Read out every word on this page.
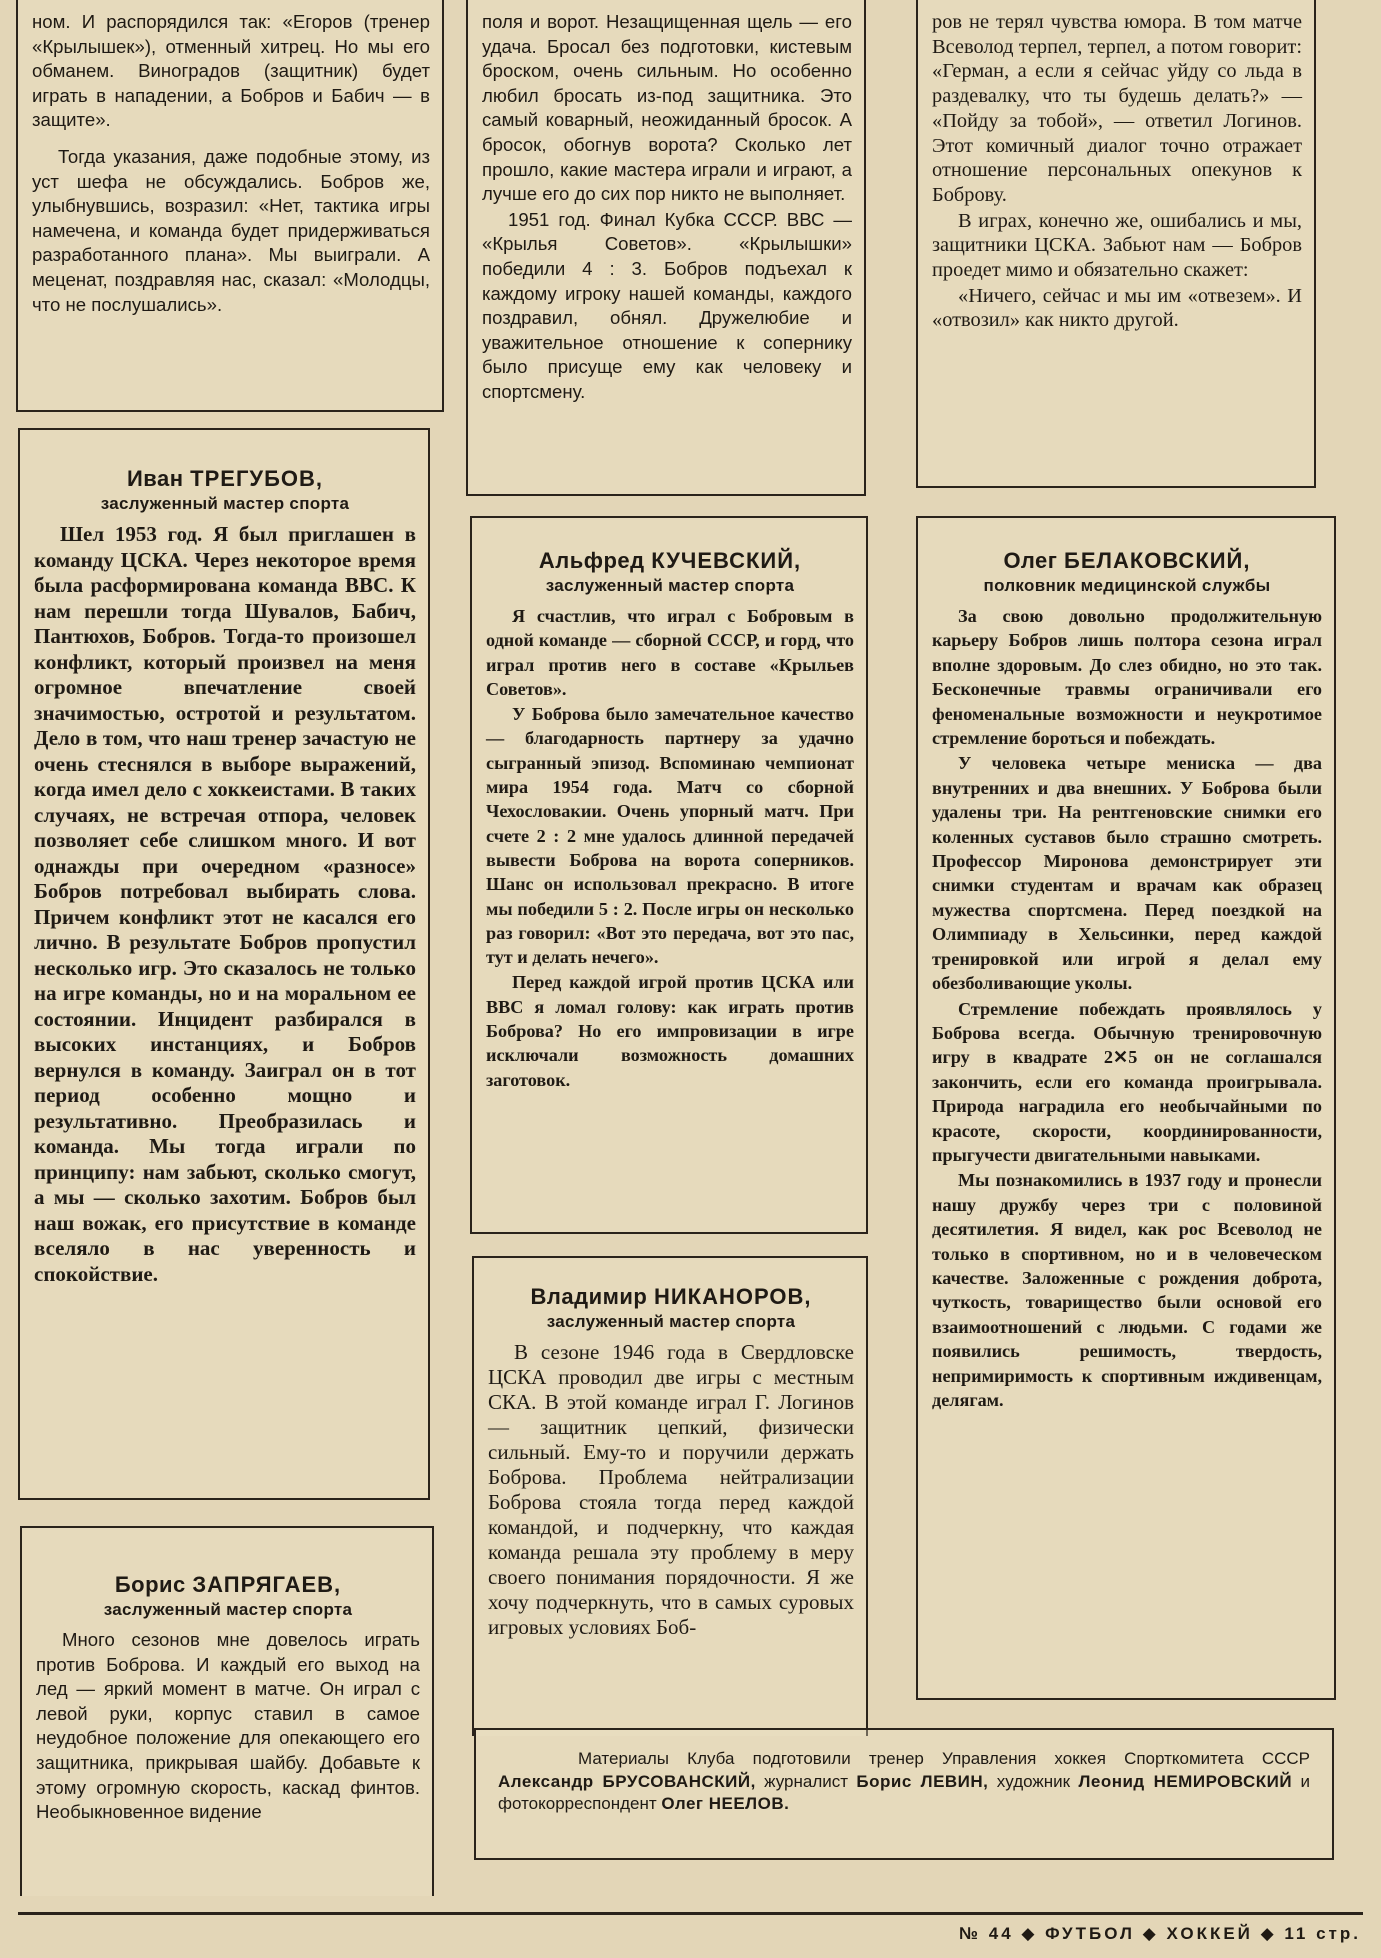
ном. И распорядился так: «Егоров (тренер «Крылышек»), отменный хитрец. Но мы его обманем. Виноградов (защитник) будет играть в нападении, а Бобров и Бабич — в защите».

Тогда указания, даже подобные этому, из уст шефа не обсуждались. Бобров же, улыбнувшись, возразил: «Нет, тактика игры намечена, и команда будет придерживаться разработанного плана». Мы выиграли. А меценат, поздравляя нас, сказал: «Молодцы, что не послушались».

Иван ТРЕГУБОВ,
заслуженный мастер спорта

Шел 1953 год. Я был приглашен в команду ЦСКА. Через некоторое время была расформирована команда ВВС. К нам перешли тогда Шувалов, Бабич, Пантюхов, Бобров. Тогда-то произошел конфликт, который произвел на меня огромное впечатление своей значимостью, остротой и результатом. Дело в том, что наш тренер зачастую не очень стеснялся в выборе выражений, когда имел дело с хоккеистами. В таких случаях, не встречая отпора, человек позволяет себе слишком много. И вот однажды при очередном «разносе» Бобров потребовал выбирать слова. Причем конфликт этот не касался его лично. В результате Бобров пропустил несколько игр. Это сказалось не только на игре команды, но и на моральном ее состоянии. Инцидент разбирался в высоких инстанциях, и Бобров вернулся в команду. Заиграл он в тот период особенно мощно и результативно. Преобразилась и команда. Мы тогда играли по принципу: нам забьют, сколько смогут, а мы — сколько захотим. Бобров был наш вожак, его присутствие в команде вселяло в нас уверенность и спокойствие.

Борис ЗАПРЯГАЕВ,
заслуженный мастер спорта

Много сезонов мне довелось играть против Боброва. И каждый его выход на лед — яркий момент в матче. Он играл с левой руки, корпус ставил в самое неудобное положение для опекающего его защитника, прикрывая шайбу. Добавьте к этому огромную скорость, каскад финтов. Необыкновенное видение

поля и ворот. Незащищенная щель — его удача. Бросал без подготовки, кистевым броском, очень сильным. Но особенно любил бросать из-под защитника. Это самый коварный, неожиданный бросок. А бросок, обогнув ворота? Сколько лет прошло, какие мастера играли и играют, а лучше его до сих пор никто не выполняет.

1951 год. Финал Кубка СССР. ВВС — «Крылья Советов». «Крылышки» победили 4 : 3. Бобров подъехал к каждому игроку нашей команды, каждого поздравил, обнял. Дружелюбие и уважительное отношение к сопернику было присуще ему как человеку и спортсмену.

Альфред КУЧЕВСКИЙ,
заслуженный мастер спорта

Я счастлив, что играл с Бобровым в одной команде — сборной СССР, и горд, что играл против него в составе «Крыльев Советов».

У Боброва было замечательное качество — благодарность партнеру за удачно сыгранный эпизод. Вспоминаю чемпионат мира 1954 года. Матч со сборной Чехословакии. Очень упорный матч. При счете 2 : 2 мне удалось длинной передачей вывести Боброва на ворота соперников. Шанс он использовал прекрасно. В итоге мы победили 5 : 2. После игры он несколько раз говорил: «Вот это передача, вот это пас, тут и делать нечего».

Перед каждой игрой против ЦСКА или ВВС я ломал голову: как играть против Боброва? Но его импровизации в игре исключали возможность домашних заготовок.

Владимир НИКАНОРОВ,
заслуженный мастер спорта

В сезоне 1946 года в Свердловске ЦСКА проводил две игры с местным СКА. В этой команде играл Г. Логинов — защитник цепкий, физически сильный. Ему-то и поручили держать Боброва. Проблема нейтрализации Боброва стояла тогда перед каждой командой, и подчеркну, что каждая команда решала эту проблему в меру своего понимания порядочности. Я же хочу подчеркнуть, что в самых суровых игровых условиях Боб-

ров не терял чувства юмора. В том матче Всеволод терпел, терпел, а потом говорит: «Герман, а если я сейчас уйду со льда в раздевалку, что ты будешь делать?» — «Пойду за тобой», — ответил Логинов. Этот комичный диалог точно отражает отношение персональных опекунов к Боброву.

В играх, конечно же, ошибались и мы, защитники ЦСКА. Забьют нам — Бобров проедет мимо и обязательно скажет:

«Ничего, сейчас и мы им «отвезем». И «отвозил» как никто другой.

Олег БЕЛАКОВСКИЙ,
полковник медицинской службы

За свою довольно продолжительную карьеру Бобров лишь полтора сезона играл вполне здоровым. До слез обидно, но это так. Бесконечные травмы ограничивали его феноменальные возможности и неукротимое стремление бороться и побеждать.

У человека четыре мениска — два внутренних и два внешних. У Боброва были удалены три. На рентгеновские снимки его коленных суставов было страшно смотреть. Профессор Миронова демонстрирует эти снимки студентам и врачам как образец мужества спортсмена. Перед поездкой на Олимпиаду в Хельсинки, перед каждой тренировкой или игрой я делал ему обезболивающие уколы.

Стремление побеждать проявлялось у Боброва всегда. Обычную тренировочную игру в квадрате 2✕5 он не соглашался закончить, если его команда проигрывала. Природа наградила его необычайными по красоте, скорости, координированности, прыгучести двигательными навыками.

Мы познакомились в 1937 году и пронесли нашу дружбу через три с половиной десятилетия. Я видел, как рос Всеволод не только в спортивном, но и в человеческом качестве. Заложенные с рождения доброта, чуткость, товарищество были основой его взаимоотношений с людьми. С годами же появились решимость, твердость, непримиримость к спортивным иждивенцам, делягам.

Материалы Клуба подготовили тренер Управления хоккея Спорткомитета СССР Александр БРУСОВАНСКИЙ, журналист Борис ЛЕВИН, художник Леонид НЕМИРОВСКИЙ и фотокорреспондент Олег НЕЕЛОВ.

№ 44 ◆ ФУТБОЛ ◆ ХОККЕЙ ◆ 11 стр.
